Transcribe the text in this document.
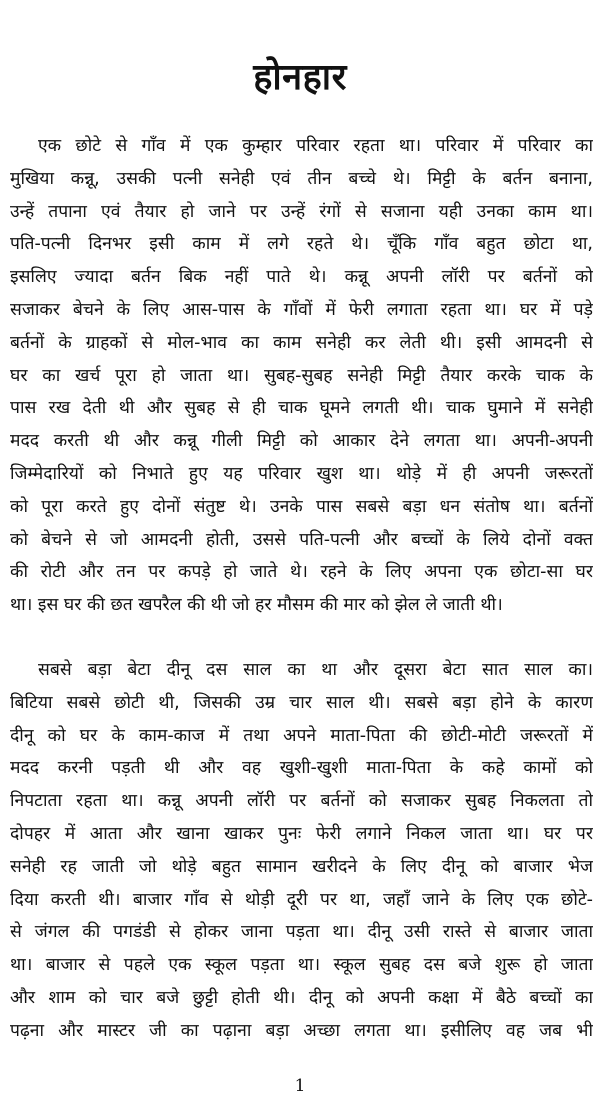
होनहार
एक छोटे से गाँव में एक कुम्हार परिवार रहता था। परिवार में परिवार का
मुखिया कन्नू, उसकी पत्नी सनेही एवं तीन बच्चे थे। मिट्टी के बर्तन बनाना,
उन्हें तपाना एवं तैयार हो जाने पर उन्हें रंगों से सजाना यही उनका काम था।
पति-पत्नी दिनभर इसी काम में लगे रहते थे। चूँकि गाँव बहुत छोटा था,
इसलिए ज्यादा बर्तन बिक नहीं पाते थे। कन्नू अपनी लॉरी पर बर्तनों को
सजाकर बेचने के लिए आस-पास के गाँवों में फेरी लगाता रहता था। घर में पड़े
बर्तनों के ग्राहकों से मोल-भाव का काम सनेही कर लेती थी। इसी आमदनी से
घर का खर्च पूरा हो जाता था। सुबह-सुबह सनेही मिट्टी तैयार करके चाक के
पास रख देती थी और सुबह से ही चाक घूमने लगती थी। चाक घुमाने में सनेही
मदद करती थी और कन्नू गीली मिट्टी को आकार देने लगता था। अपनी-अपनी
जिम्मेदारियों को निभाते हुए यह परिवार खुश था। थोड़े में ही अपनी जरूरतों
को पूरा करते हुए दोनों संतुष्ट थे। उनके पास सबसे बड़ा धन संतोष था। बर्तनों
को बेचने से जो आमदनी होती, उससे पति-पत्नी और बच्चों के लिये दोनों वक्त
की रोटी और तन पर कपड़े हो जाते थे। रहने के लिए अपना एक छोटा-सा घर
था। इस घर की छत खपरैल की थी जो हर मौसम की मार को झेल ले जाती थी।
सबसे बड़ा बेटा दीनू दस साल का था और दूसरा बेटा सात साल का।
बिटिया सबसे छोटी थी, जिसकी उम्र चार साल थी। सबसे बड़ा होने के कारण
दीनू को घर के काम-काज में तथा अपने माता-पिता की छोटी-मोटी जरूरतों में
मदद करनी पड़ती थी और वह खुशी-खुशी माता-पिता के कहे कामों को
निपटाता रहता था। कन्नू अपनी लॉरी पर बर्तनों को सजाकर सुबह निकलता तो
दोपहर में आता और खाना खाकर पुनः फेरी लगाने निकल जाता था। घर पर
सनेही रह जाती जो थोड़े बहुत सामान खरीदने के लिए दीनू को बाजार भेज
दिया करती थी। बाजार गाँव से थोड़ी दूरी पर था, जहाँ जाने के लिए एक छोटे-
से जंगल की पगडंडी से होकर जाना पड़ता था। दीनू उसी रास्ते से बाजार जाता
था। बाजार से पहले एक स्कूल पड़ता था। स्कूल सुबह दस बजे शुरू हो जाता
और शाम को चार बजे छुट्टी होती थी। दीनू को अपनी कक्षा में बैठे बच्चों का
पढ़ना और मास्टर जी का पढ़ाना बड़ा अच्छा लगता था। इसीलिए वह जब भी
1
